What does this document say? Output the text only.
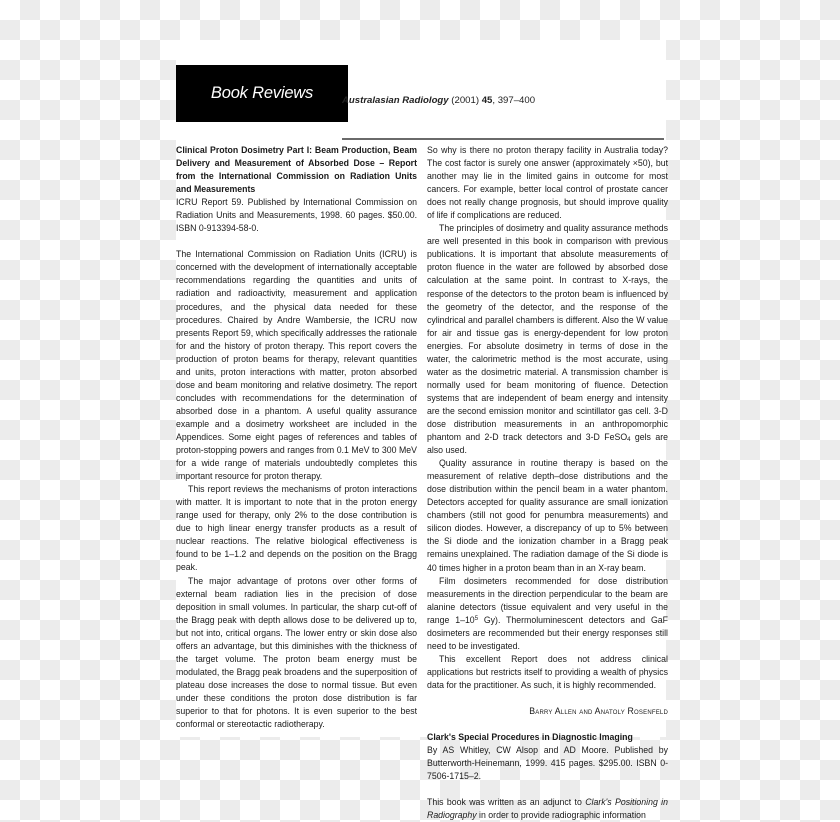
Book Reviews	Australasian Radiology (2001) 45, 397–400

Clinical Proton Dosimetry Part I: Beam Production, Beam Delivery and Measurement of Absorbed Dose – Report from the International Commission on Radiation Units and Measurements

ICRU Report 59. Published by International Commission on Radiation Units and Measurements, 1998. 60 pages. $50.00. ISBN 0-913394-58-0.

The International Commission on Radiation Units (ICRU) is concerned with the development of internationally acceptable recommendations regarding the quantities and units of radiation and radioactivity, measurement and application procedures, and the physical data needed for these procedures. Chaired by Andre Wambersie, the ICRU now presents Report 59, which specifically addresses the rationale for and the history of proton therapy. This report covers the production of proton beams for therapy, relevant quantities and units, proton interactions with matter, proton absorbed dose and beam monitoring and relative dosimetry. The report concludes with recommendations for the determination of absorbed dose in a phantom. A useful quality assurance example and a dosimetry worksheet are included in the Appendices. Some eight pages of references and tables of proton-stopping powers and ranges from 0.1 MeV to 300 MeV for a wide range of materials undoubtedly completes this important resource for proton therapy.

This report reviews the mechanisms of proton interactions with matter. It is important to note that in the proton energy range used for therapy, only 2% to the dose contribution is due to high linear energy transfer products as a result of nuclear reactions. The relative biological effectiveness is found to be 1–1.2 and depends on the position on the Bragg peak.

The major advantage of protons over other forms of external beam radiation lies in the precision of dose deposition in small volumes. In particular, the sharp cut-off of the Bragg peak with depth allows dose to be delivered up to, but not into, critical organs. The lower entry or skin dose also offers an advantage, but this diminishes with the thickness of the target volume. The proton beam energy must be modulated, the Bragg peak broadens and the superposition of plateau dose increases the dose to normal tissue. But even under these conditions the proton dose distribution is far superior to that for photons. It is even superior to the best conformal or stereotactic radiotherapy.

So why is there no proton therapy facility in Australia today? The cost factor is surely one answer (approximately ×50), but another may lie in the limited gains in outcome for most cancers. For example, better local control of prostate cancer does not really change prognosis, but should improve quality of life if complications are reduced.

The principles of dosimetry and quality assurance methods are well presented in this book in comparison with previous publications. It is important that absolute measurements of proton fluence in the water are followed by absorbed dose calculation at the same point. In contrast to X-rays, the response of the detectors to the proton beam is influenced by the geometry of the detector, and the response of the cylindrical and parallel chambers is different. Also the W value for air and tissue gas is energy-dependent for low proton energies. For absolute dosimetry in terms of dose in the water, the calorimetric method is the most accurate, using water as the dosimetric material. A transmission chamber is normally used for beam monitoring of fluence. Detection systems that are independent of beam energy and intensity are the second emission monitor and scintillator gas cell. 3-D dose distribution measurements in an anthropomorphic phantom and 2-D track detectors and 3-D FeSO$_4$ gels are also used.

Quality assurance in routine therapy is based on the measurement of relative depth–dose distributions and the dose distribution within the pencil beam in a water phantom. Detectors accepted for quality assurance are small ionization chambers (still not good for penumbra measurements) and silicon diodes. However, a discrepancy of up to 5% between the Si diode and the ionization chamber in a Bragg peak remains unexplained. The radiation damage of the Si diode is 40 times higher in a proton beam than in an X-ray beam.

Film dosimeters recommended for dose distribution measurements in the direction perpendicular to the beam are alanine detectors (tissue equivalent and very useful in the range $1-10^5$ Gy). Thermoluminescent detectors and GaF dosimeters are recommended but their energy responses still need to be investigated.

This excellent Report does not address clinical applications but restricts itself to providing a wealth of physics data for the practitioner. As such, it is highly recommended.

Barry Allen and Anatoly Rosenfeld

Clark's Special Procedures in Diagnostic Imaging

By AS Whitley, CW Alsop and AD Moore. Published by Butterworth-Heinemann, 1999. 415 pages. $295.00. ISBN 0-7506-1715–2.

This book was written as an adjunct to Clark's Positioning in Radiography in order to provide radiographic information
